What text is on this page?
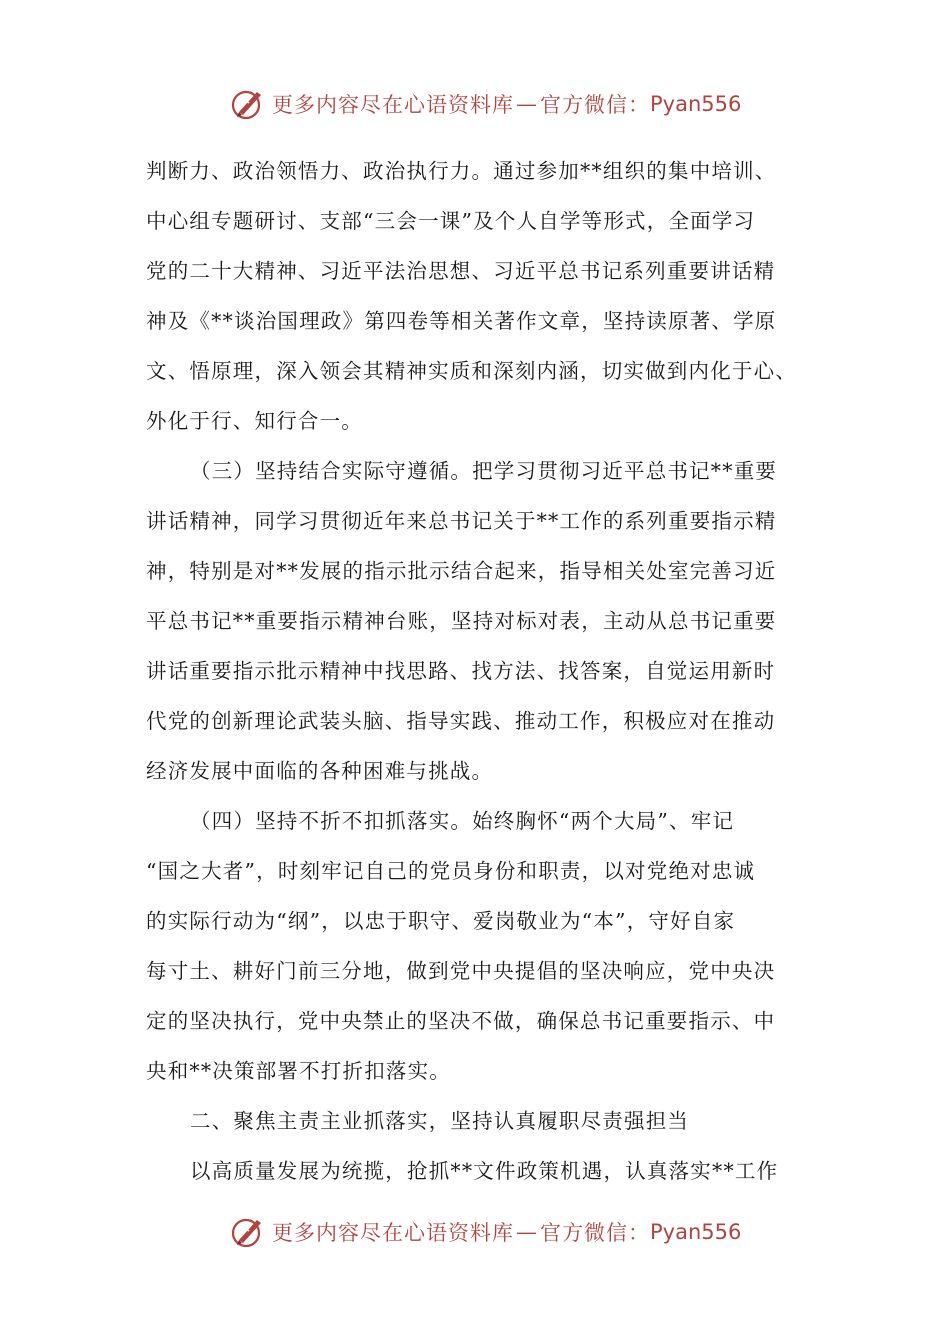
更多内容尽在心语资料库 — 官方微信： Pyan556
判断力、政治领悟力、政治执行力。通过参加**组织的集中培训、
中心组专题研讨、支部“三会一课”及个人自学等形式，全面学习
党的二十大精神、习近平法治思想、习近平总书记系列重要讲话精
神及《**谈治国理政》第四卷等相关著作文章，坚持读原著、学原
文、悟原理，深入领会其精神实质和深刻内涵，切实做到内化于心、
外化于行、知行合一。
（三）坚持结合实际守遵循。把学习贯彻习近平总书记**重要
讲话精神，同学习贯彻近年来总书记关于**工作的系列重要指示精
神，特别是对**发展的指示批示结合起来，指导相关处室完善习近
平总书记**重要指示精神台账，坚持对标对表，主动从总书记重要
讲话重要指示批示精神中找思路、找方法、找答案，自觉运用新时
代党的创新理论武装头脑、指导实践、推动工作，积极应对在推动
经济发展中面临的各种困难与挑战。
（四）坚持不折不扣抓落实。始终胸怀“两个大局”、牢记
“国之大者”，时刻牢记自己的党员身份和职责，以对党绝对忠诚
的实际行动为“纲”，以忠于职守、爱岗敬业为“本”，守好自家
每寸土、耕好门前三分地，做到党中央提倡的坚决响应，党中央决
定的坚决执行，党中央禁止的坚决不做，确保总书记重要指示、中
央和**决策部署不打折扣落实。
二、聚焦主责主业抓落实，坚持认真履职尽责强担当
以高质量发展为统揽，抢抓**文件政策机遇，认真落实**工作
更多内容尽在心语资料库 — 官方微信： Pyan556
